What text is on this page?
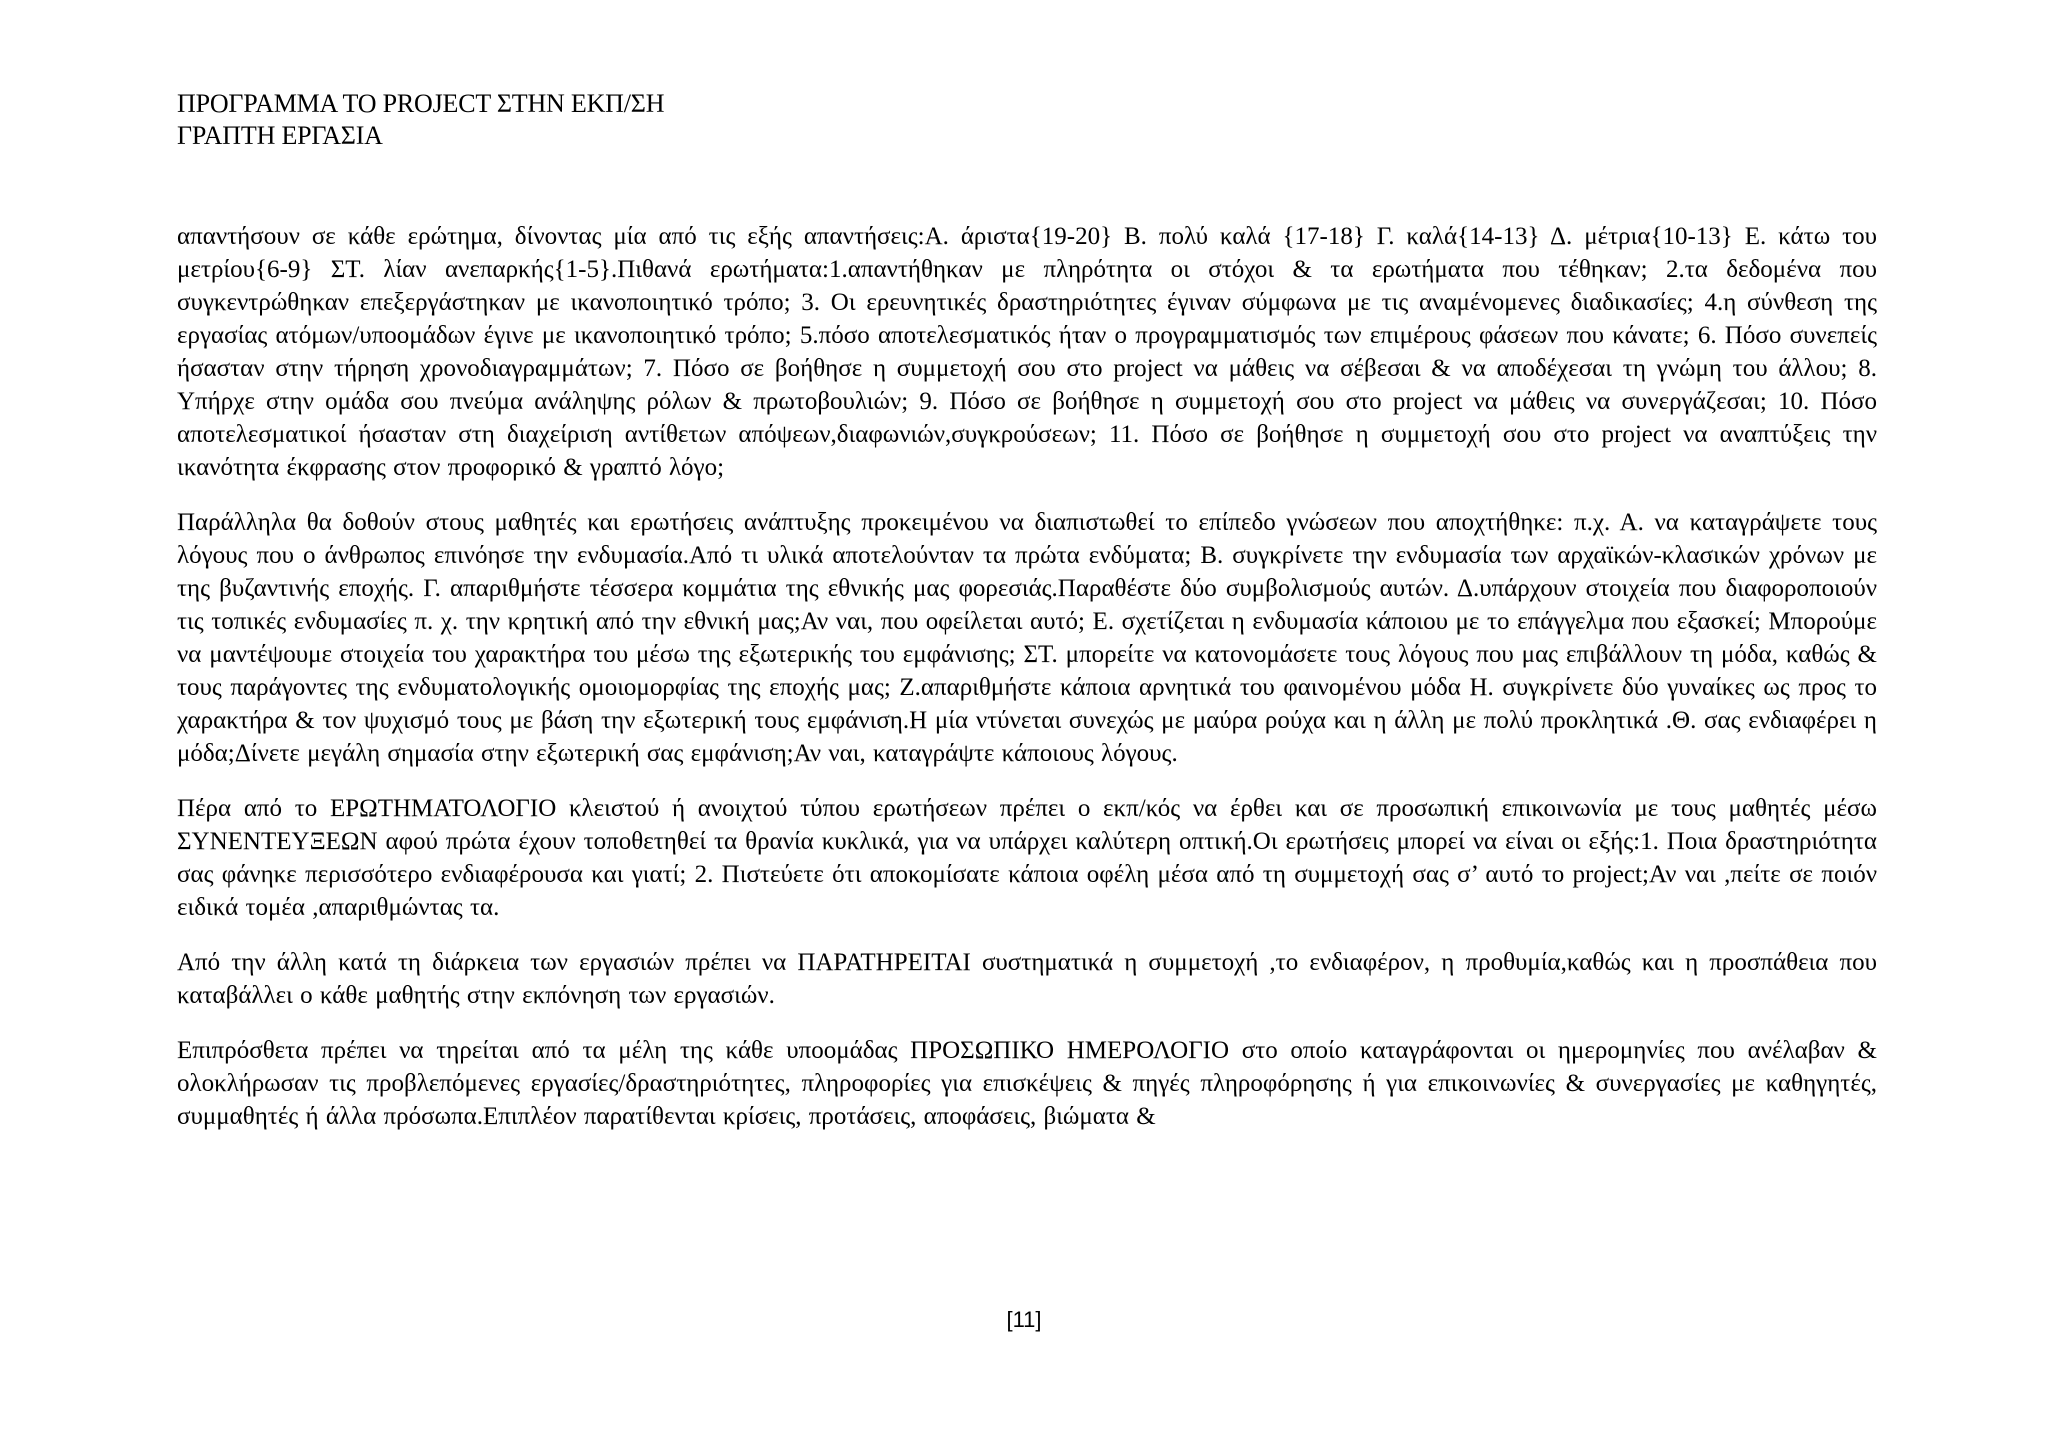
ΠΡΟΓΡΑΜΜΑ ΤΟ PROJECT ΣΤΗΝ ΕΚΠ/ΣΗ
ΓΡΑΠΤΗ ΕΡΓΑΣΙΑ

απαντήσουν σε κάθε ερώτημα, δίνοντας μία από τις εξής απαντήσεις:Α. άριστα{19-20} Β. πολύ καλά {17-18} Γ. καλά{14-13} Δ. μέτρια{10-13} Ε. κάτω του μετρίου{6-9} ΣΤ. λίαν ανεπαρκής{1-5}.Πιθανά ερωτήματα:1.απαντήθηκαν με πληρότητα οι στόχοι & τα ερωτήματα που τέθηκαν; 2.τα δεδομένα που συγκεντρώθηκαν επεξεργάστηκαν με ικανοποιητικό τρόπο; 3. Οι ερευνητικές δραστηριότητες έγιναν σύμφωνα με τις αναμένομενες διαδικασίες; 4.η σύνθεση της εργασίας ατόμων/υποομάδων έγινε με ικανοποιητικό τρόπο; 5.πόσο αποτελεσματικός ήταν ο προγραμματισμός των επιμέρους φάσεων που κάνατε; 6. Πόσο συνεπείς ήσασταν στην τήρηση χρονοδιαγραμμάτων; 7. Πόσο σε βοήθησε η συμμετοχή σου στο project να μάθεις να σέβεσαι & να αποδέχεσαι τη γνώμη του άλλου; 8. Υπήρχε στην ομάδα σου πνεύμα ανάληψης ρόλων & πρωτοβουλιών; 9. Πόσο σε βοήθησε η συμμετοχή σου στο project να μάθεις να συνεργάζεσαι; 10. Πόσο αποτελεσματικοί ήσασταν στη διαχείριση αντίθετων απόψεων,διαφωνιών,συγκρούσεων; 11. Πόσο σε βοήθησε η συμμετοχή σου στο project να αναπτύξεις την ικανότητα έκφρασης στον προφορικό & γραπτό λόγο;

Παράλληλα θα δοθούν στους μαθητές και ερωτήσεις ανάπτυξης προκειμένου να διαπιστωθεί το επίπεδο γνώσεων που αποχτήθηκε: π.χ. Α. να καταγράψετε τους λόγους που ο άνθρωπος επινόησε την ενδυμασία.Από τι υλικά αποτελούνταν τα πρώτα ενδύματα; Β. συγκρίνετε την ενδυμασία των αρχαϊκών-κλασικών χρόνων με της βυζαντινής εποχής. Γ. απαριθμήστε τέσσερα κομμάτια της εθνικής μας φορεσιάς.Παραθέστε δύο συμβολισμούς αυτών. Δ.υπάρχουν στοιχεία που διαφοροποιούν τις τοπικές ενδυμασίες π. χ. την κρητική από την εθνική μας;Αν ναι, που οφείλεται αυτό; Ε. σχετίζεται η ενδυμασία κάποιου με το επάγγελμα που εξασκεί; Μπορούμε να μαντέψουμε στοιχεία του χαρακτήρα του μέσω της εξωτερικής του εμφάνισης; ΣΤ. μπορείτε να κατονομάσετε τους λόγους που μας επιβάλλουν τη μόδα, καθώς & τους παράγοντες της ενδυματολογικής ομοιομορφίας της εποχής μας; Ζ.απαριθμήστε κάποια αρνητικά του φαινομένου μόδα Η. συγκρίνετε δύο γυναίκες ως προς το χαρακτήρα & τον ψυχισμό τους με βάση την εξωτερική τους εμφάνιση.Η μία ντύνεται συνεχώς με μαύρα ρούχα και η άλλη με πολύ προκλητικά .Θ. σας ενδιαφέρει η μόδα;Δίνετε μεγάλη σημασία στην εξωτερική σας εμφάνιση;Αν ναι, καταγράψτε κάποιους λόγους.

Πέρα από το ΕΡΩΤΗΜΑΤΟΛΟΓΙΟ κλειστού ή ανοιχτού τύπου ερωτήσεων πρέπει ο εκπ/κός να έρθει και σε προσωπική επικοινωνία με τους μαθητές μέσω ΣΥΝΕΝΤΕΥΞΕΩΝ αφού πρώτα έχουν τοποθετηθεί τα θρανία κυκλικά, για να υπάρχει καλύτερη οπτική.Οι ερωτήσεις μπορεί να είναι οι εξής:1. Ποια δραστηριότητα σας φάνηκε περισσότερο ενδιαφέρουσα και γιατί; 2. Πιστεύετε ότι αποκομίσατε κάποια οφέλη μέσα από τη συμμετοχή σας σ’ αυτό το project;Αν ναι ,πείτε σε ποιόν ειδικά τομέα ,απαριθμώντας τα.

Από την άλλη κατά τη διάρκεια των εργασιών πρέπει να ΠΑΡΑΤΗΡΕΙΤΑΙ συστηματικά η συμμετοχή ,το ενδιαφέρον, η προθυμία,καθώς και η προσπάθεια που καταβάλλει ο κάθε μαθητής στην εκπόνηση των εργασιών.

Επιπρόσθετα πρέπει να τηρείται από τα μέλη της κάθε υποομάδας ΠΡΟΣΩΠΙΚΟ ΗΜΕΡΟΛΟΓΙΟ στο οποίο καταγράφονται οι ημερομηνίες που ανέλαβαν & ολοκλήρωσαν τις προβλεπόμενες εργασίες/δραστηριότητες, πληροφορίες για επισκέψεις & πηγές πληροφόρησης ή για επικοινωνίες & συνεργασίες με καθηγητές, συμμαθητές ή άλλα πρόσωπα.Επιπλέον παρατίθενται κρίσεις, προτάσεις, αποφάσεις, βιώματα &

[11]
